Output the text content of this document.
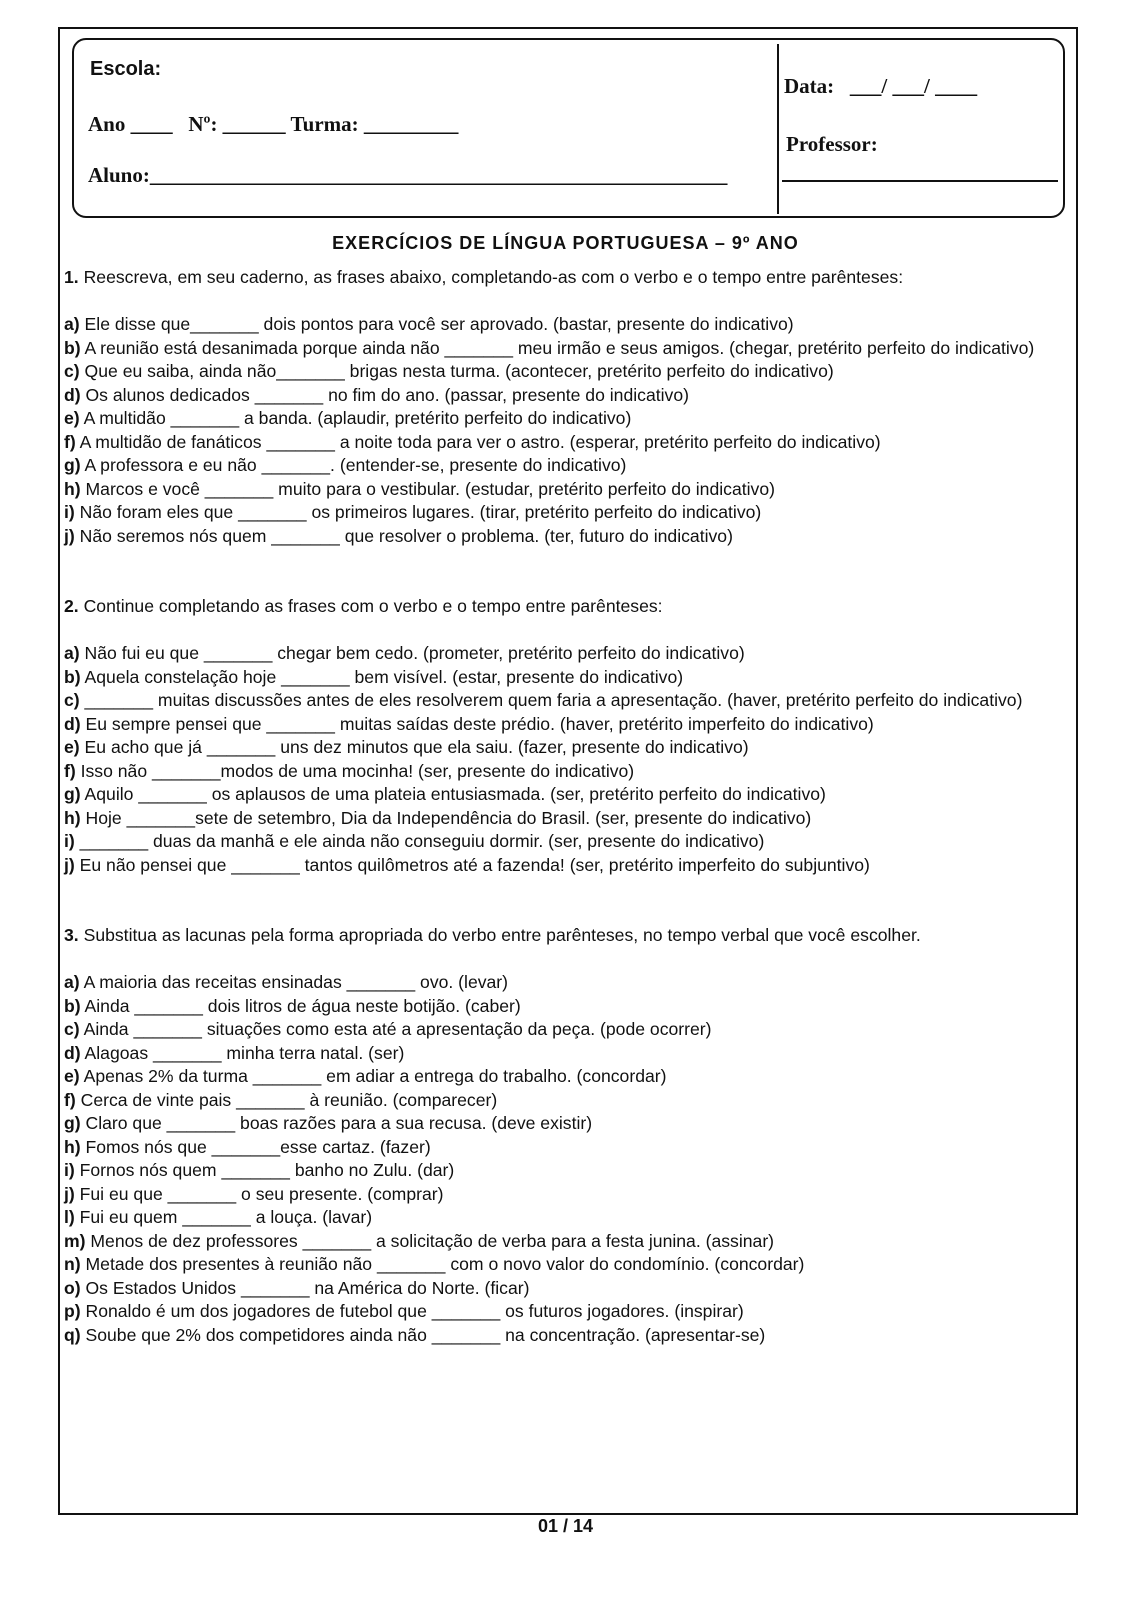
Escola:
Ano ____   Nº: ______ Turma: _________
Aluno:_______________________________________________________
Data:   ___/ ___/ ____
Professor:
EXERCÍCIOS DE LÍNGUA PORTUGUESA – 9º ANO

1. Reescreva, em seu caderno, as frases abaixo, completando-as com o verbo e o tempo entre parênteses:

a) Ele disse que_______ dois pontos para você ser aprovado. (bastar, presente do indicativo)

b) A reunião está desanimada porque ainda não _______ meu irmão e seus amigos. (chegar, pretérito perfeito do indicativo)

c) Que eu saiba, ainda não_______ brigas nesta turma. (acontecer, pretérito perfeito do indicativo)

d) Os alunos dedicados _______ no fim do ano. (passar, presente do indicativo)

e) A multidão _______ a banda. (aplaudir, pretérito perfeito do indicativo)

f) A multidão de fanáticos _______ a noite toda para ver o astro. (esperar, pretérito perfeito do indicativo)

g) A professora e eu não _______. (entender-se, presente do indicativo)

h) Marcos e você _______ muito para o vestibular. (estudar, pretérito perfeito do indicativo)

i) Não foram eles que _______ os primeiros lugares. (tirar, pretérito perfeito do indicativo)

j) Não seremos nós quem _______ que resolver o problema. (ter, futuro do indicativo)

2. Continue completando as frases com o verbo e o tempo entre parênteses:

a) Não fui eu que _______ chegar bem cedo. (prometer, pretérito perfeito do indicativo)

b) Aquela constelação hoje _______ bem visível. (estar, presente do indicativo)

c) _______ muitas discussões antes de eles resolverem quem faria a apresentação. (haver, pretérito perfeito do indicativo)

d) Eu sempre pensei que _______ muitas saídas deste prédio. (haver, pretérito imperfeito do indicativo)

e) Eu acho que já _______ uns dez minutos que ela saiu. (fazer, presente do indicativo)

f) Isso não _______modos de uma mocinha! (ser, presente do indicativo)

g) Aquilo _______ os aplausos de uma plateia entusiasmada. (ser, pretérito perfeito do indicativo)

h) Hoje _______sete de setembro, Dia da Independência do Brasil. (ser, presente do indicativo)

i) _______ duas da manhã e ele ainda não conseguiu dormir. (ser, presente do indicativo)

j) Eu não pensei que _______ tantos quilômetros até a fazenda! (ser, pretérito imperfeito do subjuntivo)

3. Substitua as lacunas pela forma apropriada do verbo entre parênteses, no tempo verbal que você escolher.

a) A maioria das receitas ensinadas _______ ovo. (levar)

b) Ainda _______ dois litros de água neste botijão. (caber)

c) Ainda _______ situações como esta até a apresentação da peça. (pode ocorrer)

d) Alagoas _______ minha terra natal. (ser)

e) Apenas 2% da turma _______ em adiar a entrega do trabalho. (concordar)

f) Cerca de vinte pais _______ à reunião. (comparecer)

g) Claro que _______ boas razões para a sua recusa. (deve existir)

h) Fomos nós que _______esse cartaz. (fazer)

i) Fornos nós quem _______ banho no Zulu. (dar)

j) Fui eu que _______ o seu presente. (comprar)

l) Fui eu quem _______ a louça. (lavar)

m) Menos de dez professores _______ a solicitação de verba para a festa junina. (assinar)

n) Metade dos presentes à reunião não _______ com o novo valor do condomínio. (concordar)

o) Os Estados Unidos _______ na América do Norte. (ficar)

p) Ronaldo é um dos jogadores de futebol que _______ os futuros jogadores. (inspirar)

q) Soube que 2% dos competidores ainda não _______ na concentração. (apresentar-se)

01 / 14
